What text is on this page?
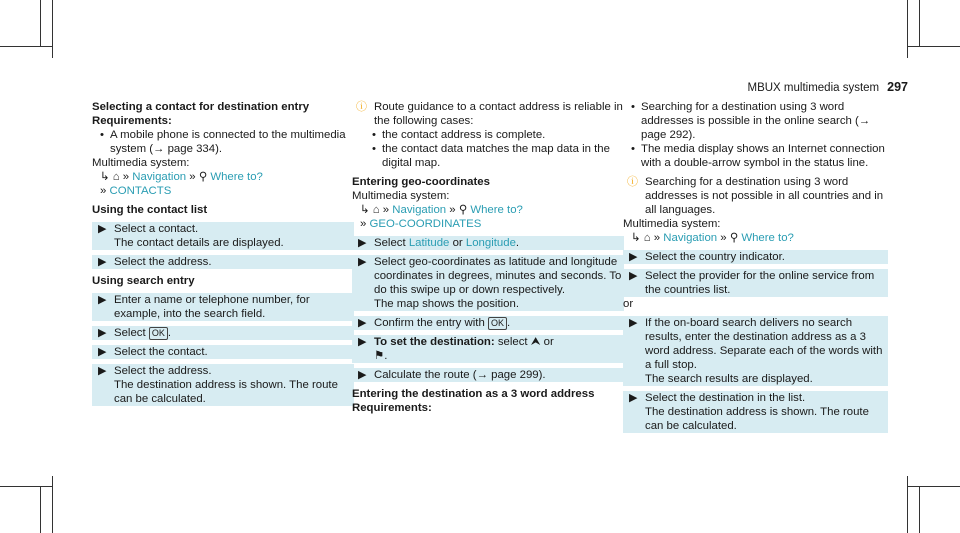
MBUX multimedia system 297
Selecting a contact for destination entry
Requirements:
• A mobile phone is connected to the multimedia system (→ page 334).

Multimedia system:

↳ ⌂ » Navigation » ⚲ Where to?
» CONTACTS
Using the contact list
▶ Select a contact.
The contact details are displayed.
▶ Select the address.
Using search entry
▶ Enter a name or telephone number, for example, into the search field.
▶ Select OK .
▶ Select the contact.
▶ Select the address.
The destination address is shown. The route can be calculated.
ⓘ Route guidance to a contact address is reliable in the following cases:
• the contact address is complete.
• the contact data matches the map data in the digital map.
Entering geo-coordinates

Multimedia system:

↳ ⌂ » Navigation » ⚲ Where to?
» GEO-COORDINATES
▶ Select Latitude or Longitude.
▶ Select geo-coordinates as latitude and longitude coordinates in degrees, minutes and seconds. To do this swipe up or down respectively.
The map shows the position.
▶ Confirm the entry with OK .
▶ To set the destination: select ⮝ or
⚑.
▶ Calculate the route (→ page 299).
Entering the destination as a 3 word address
Requirements:
• Searching for a destination using 3 word addresses is possible in the online search (→ page 292).
• The media display shows an Internet connection with a double-arrow symbol in the status line.
ⓘ Searching for a destination using 3 word addresses is not possible in all countries and in all languages.

Multimedia system:

↳ ⌂ » Navigation » ⚲ Where to?
▶ Select the country indicator.
▶ Select the provider for the online service from the countries list.

or

▶ If the on-board search delivers no search results, enter the destination address as a 3 word address. Separate each of the words with a full stop.
The search results are displayed.
▶ Select the destination in the list.
The destination address is shown. The route can be calculated.
